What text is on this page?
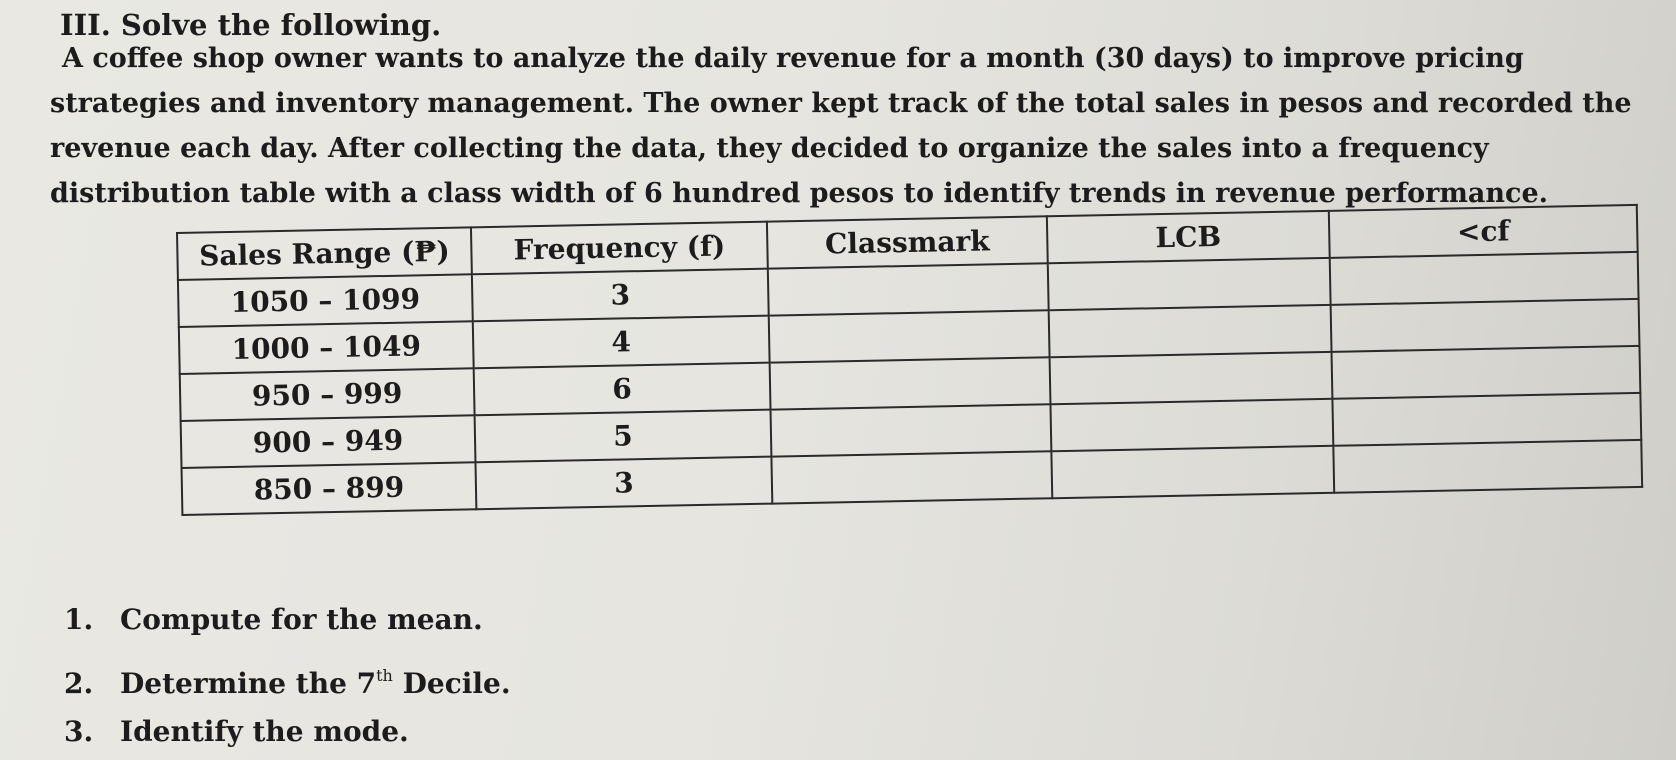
III. Solve the following.

A coffee shop owner wants to analyze the daily revenue for a month (30 days) to improve pricing strategies and inventory management. The owner kept track of the total sales in pesos and recorded the revenue each day. After collecting the data, they decided to organize the sales into a frequency distribution table with a class width of 6 hundred pesos to identify trends in revenue performance.

Sales Range (₱)	Frequency (f)	Classmark	LCB	<cf
1050 – 1099	3			
1000 – 1049	4			
950 – 999	6			
900 – 949	5			
850 – 899	3			
1. Compute for the mean.
2. Determine the 7th Decile.
3. Identify the mode.
